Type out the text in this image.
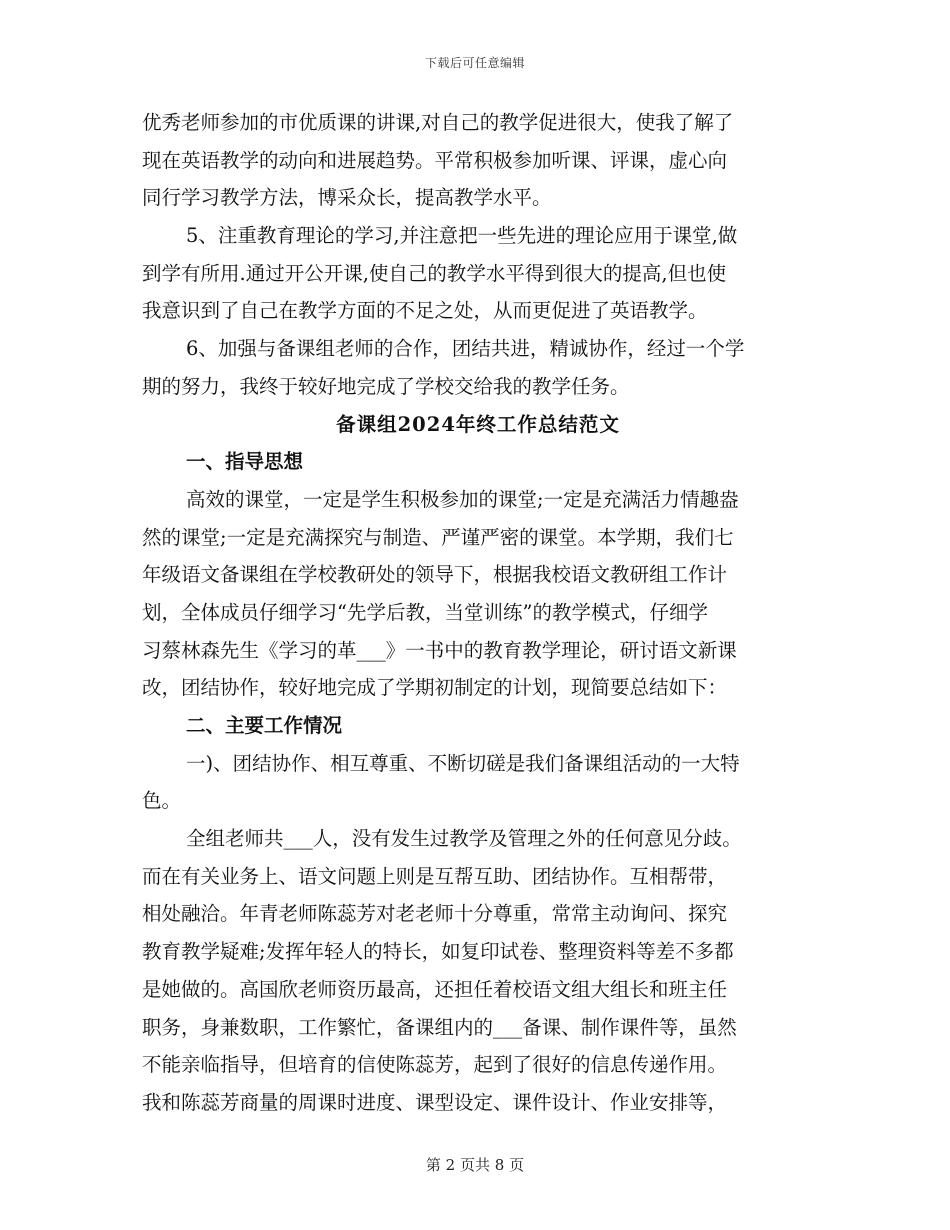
下载后可任意编辑
优秀老师参加的市优质课的讲课,对自己的教学促进很大，使我了解了
现在英语教学的动向和进展趋势。平常积极参加听课、评课，虚心向
同行学习教学方法，博采众长，提高教学水平。
5、注重教育理论的学习,并注意把一些先进的理论应用于课堂,做
到学有所用.通过开公开课,使自己的教学水平得到很大的提高,但也使
我意识到了自己在教学方面的不足之处，从而更促进了英语教学。
6、加强与备课组老师的合作，团结共进，精诚协作，经过一个学
期的努力，我终于较好地完成了学校交给我的教学任务。
备课组2024年终工作总结范文
一、指导思想
高效的课堂，一定是学生积极参加的课堂;一定是充满活力情趣盎
然的课堂;一定是充满探究与制造、严谨严密的课堂。本学期，我们七
年级语文备课组在学校教研处的领导下，根据我校语文教研组工作计
划，全体成员仔细学习“先学后教，当堂训练”的教学模式，仔细学
习蔡林森先生《学习的革___》一书中的教育教学理论，研讨语文新课
改，团结协作，较好地完成了学期初制定的计划，现简要总结如下：
二、主要工作情况
一)、团结协作、相互尊重、不断切磋是我们备课组活动的一大特
色。
全组老师共___人，没有发生过教学及管理之外的任何意见分歧。
而在有关业务上、语文问题上则是互帮互助、团结协作。互相帮带，
相处融洽。年青老师陈蕊芳对老老师十分尊重，常常主动询问、探究
教育教学疑难;发挥年轻人的特长，如复印试卷、整理资料等差不多都
是她做的。高国欣老师资历最高，还担任着校语文组大组长和班主任
职务，身兼数职，工作繁忙，备课组内的___备课、制作课件等，虽然
不能亲临指导，但培育的信使陈蕊芳，起到了很好的信息传递作用。
我和陈蕊芳商量的周课时进度、课型设定、课件设计、作业安排等，
第 2 页共 8 页
